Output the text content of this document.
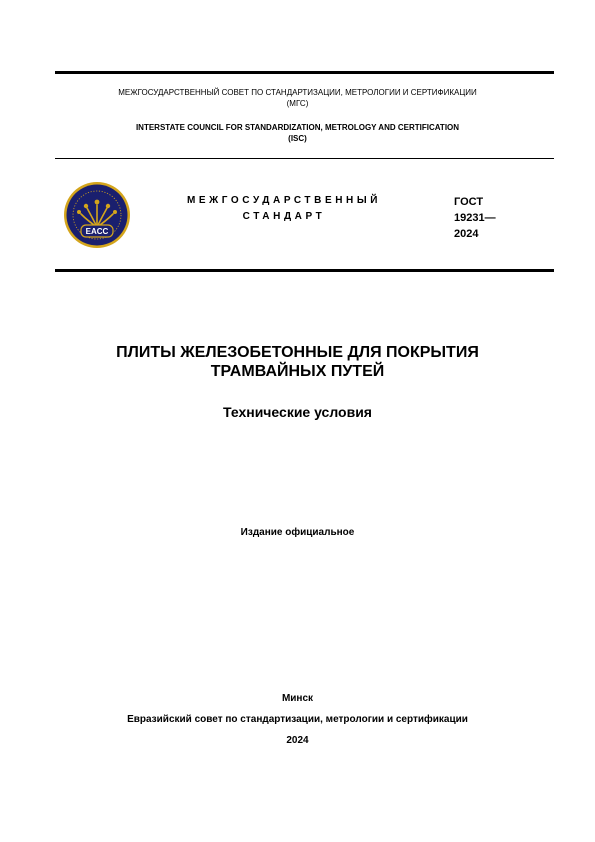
МЕЖГОСУДАРСТВЕННЫЙ СОВЕТ ПО СТАНДАРТИЗАЦИИ, МЕТРОЛОГИИ И СЕРТИФИКАЦИИ
(МГС)
INTERSTATE COUNCIL FOR STANDARDIZATION, METROLOGY AND CERTIFICATION
(ISC)
EACC
МЕЖГОСУДАРСТВЕННЫЙ
СТАНДАРТ
ГОСТ
19231—
2024
ПЛИТЫ ЖЕЛЕЗОБЕТОННЫЕ ДЛЯ ПОКРЫТИЯ
ТРАМВАЙНЫХ ПУТЕЙ
Технические условия
Издание официальное
Минск
Евразийский совет по стандартизации, метрологии и сертификации
2024
